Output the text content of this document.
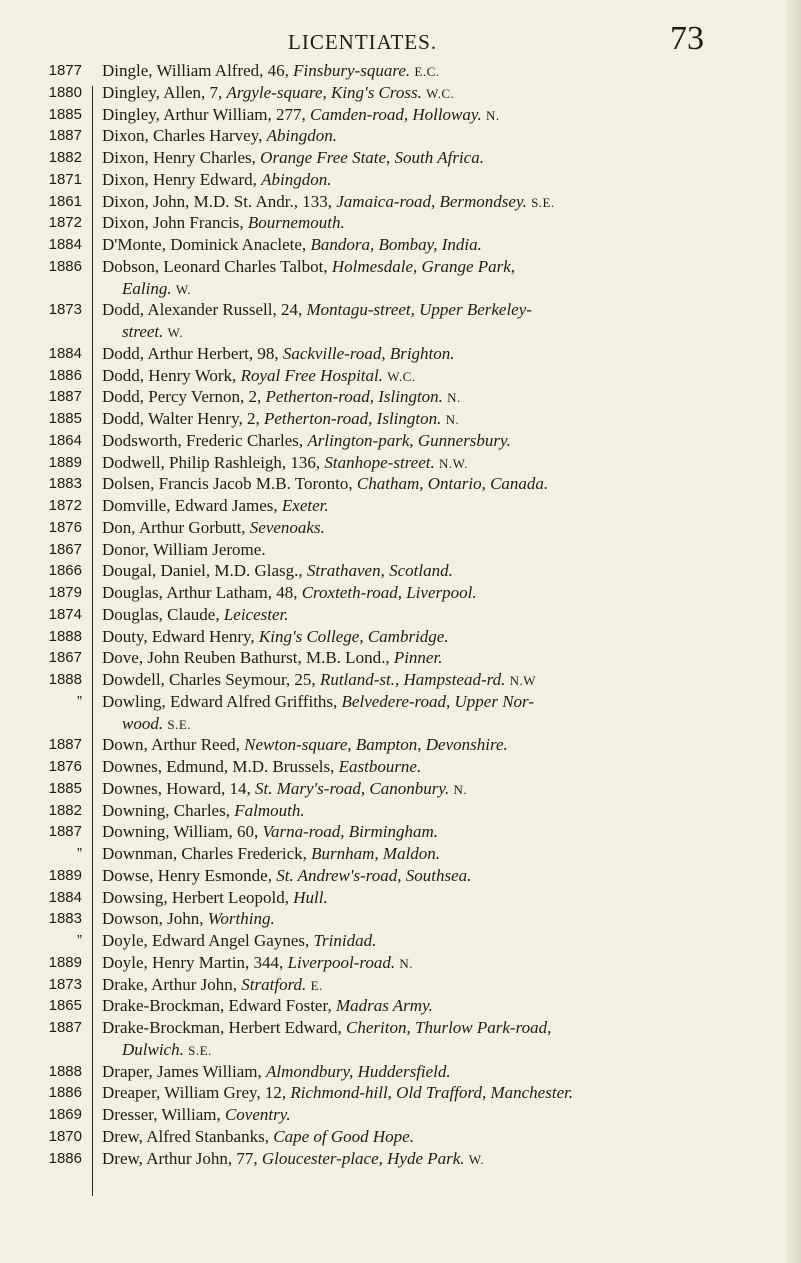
LICENTIATES.	73
1877 Dingle, William Alfred, 46, Finsbury-square. E.C.
1880 Dingley, Allen, 7, Argyle-square, King's Cross. W.C.
1885 Dingley, Arthur William, 277, Camden-road, Holloway. N.
1887 Dixon, Charles Harvey, Abingdon.
1882 Dixon, Henry Charles, Orange Free State, South Africa.
1871 Dixon, Henry Edward, Abingdon.
1861 Dixon, John, M.D. St. Andr., 133, Jamaica-road, Bermondsey. S.E.
1872 Dixon, John Francis, Bournemouth.
1884 D'Monte, Dominick Anaclete, Bandora, Bombay, India.
1886 Dobson, Leonard Charles Talbot, Holmesdale, Grange Park,
Ealing. W.
1873 Dodd, Alexander Russell, 24, Montagu-street, Upper Berkeley-
street. W.
1884 Dodd, Arthur Herbert, 98, Sackville-road, Brighton.
1886 Dodd, Henry Work, Royal Free Hospital. W.C.
1887 Dodd, Percy Vernon, 2, Petherton-road, Islington. N.
1885 Dodd, Walter Henry, 2, Petherton-road, Islington. N.
1864 Dodsworth, Frederic Charles, Arlington-park, Gunnersbury.
1889 Dodwell, Philip Rashleigh, 136, Stanhope-street. N.W.
1883 Dolsen, Francis Jacob M.B. Toronto, Chatham, Ontario, Canada.
1872 Domville, Edward James, Exeter.
1876 Don, Arthur Gorbutt, Sevenoaks.
1867 Donor, William Jerome.
1866 Dougal, Daniel, M.D. Glasg., Strathaven, Scotland.
1879 Douglas, Arthur Latham, 48, Croxteth-road, Liverpool.
1874 Douglas, Claude, Leicester.
1888 Douty, Edward Henry, King's College, Cambridge.
1867 Dove, John Reuben Bathurst, M.B. Lond., Pinner.
1888 Dowdell, Charles Seymour, 25, Rutland-st., Hampstead-rd. N.W
” Dowling, Edward Alfred Griffiths, Belvedere-road, Upper Nor-
wood. S.E.
1887 Down, Arthur Reed, Newton-square, Bampton, Devonshire.
1876 Downes, Edmund, M.D. Brussels, Eastbourne.
1885 Downes, Howard, 14, St. Mary's-road, Canonbury. N.
1882 Downing, Charles, Falmouth.
1887 Downing, William, 60, Varna-road, Birmingham.
” Downman, Charles Frederick, Burnham, Maldon.
1889 Dowse, Henry Esmonde, St. Andrew's-road, Southsea.
1884 Dowsing, Herbert Leopold, Hull.
1883 Dowson, John, Worthing.
” Doyle, Edward Angel Gaynes, Trinidad.
1889 Doyle, Henry Martin, 344, Liverpool-road. N.
1873 Drake, Arthur John, Stratford. E.
1865 Drake-Brockman, Edward Foster, Madras Army.
1887 Drake-Brockman, Herbert Edward, Cheriton, Thurlow Park-road,
Dulwich. S.E.
1888 Draper, James William, Almondbury, Huddersfield.
1886 Dreaper, William Grey, 12, Richmond-hill, Old Trafford, Manchester.
1869 Dresser, William, Coventry.
1870 Drew, Alfred Stanbanks, Cape of Good Hope.
1886 Drew, Arthur John, 77, Gloucester-place, Hyde Park. W.
